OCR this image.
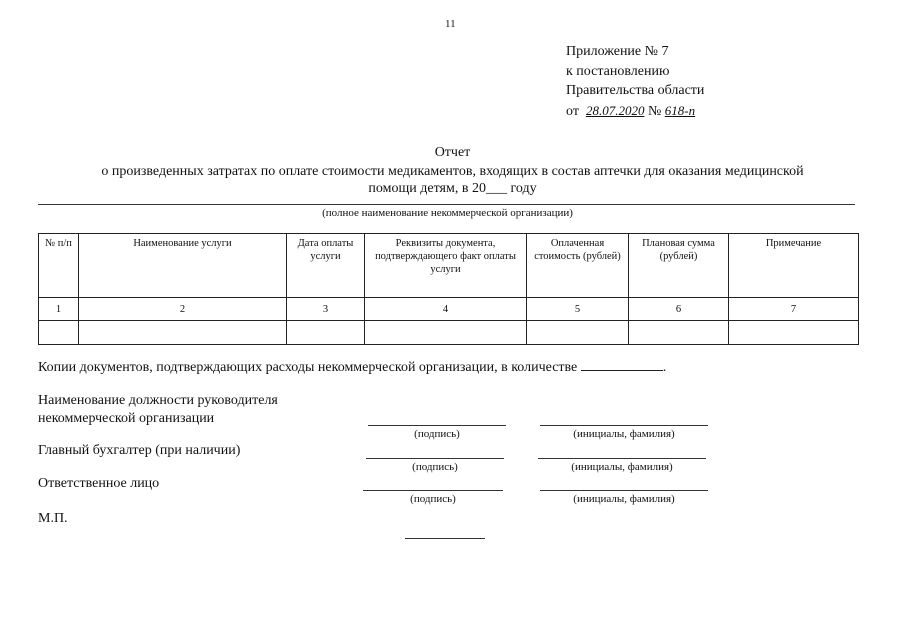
11
Приложение № 7
к постановлению
Правительства области
от 28.07.2020 № 618-п
Отчет
о произведенных затратах по оплате стоимости медикаментов, входящих в состав аптечки для оказания медицинской
помощи детям, в 20___ году
(полное наименование некоммерческой организации)
№ п/п	Наименование услуги	Дата оплаты услуги	Реквизиты документа, подтверждающего факт оплаты услуги	Оплаченная стоимость (рублей)	Плановая сумма (рублей)	Примечание
1	2	3	4	5	6	7

Копии документов, подтверждающих расходы некоммерческой организации, в количестве	.
Наименование должности руководителя
некоммерческой организации
(подпись)	(инициалы, фамилия)
Главный бухгалтер (при наличии)
(подпись)	(инициалы, фамилия)
Ответственное лицо
(подпись)	(инициалы, фамилия)
М.П.
